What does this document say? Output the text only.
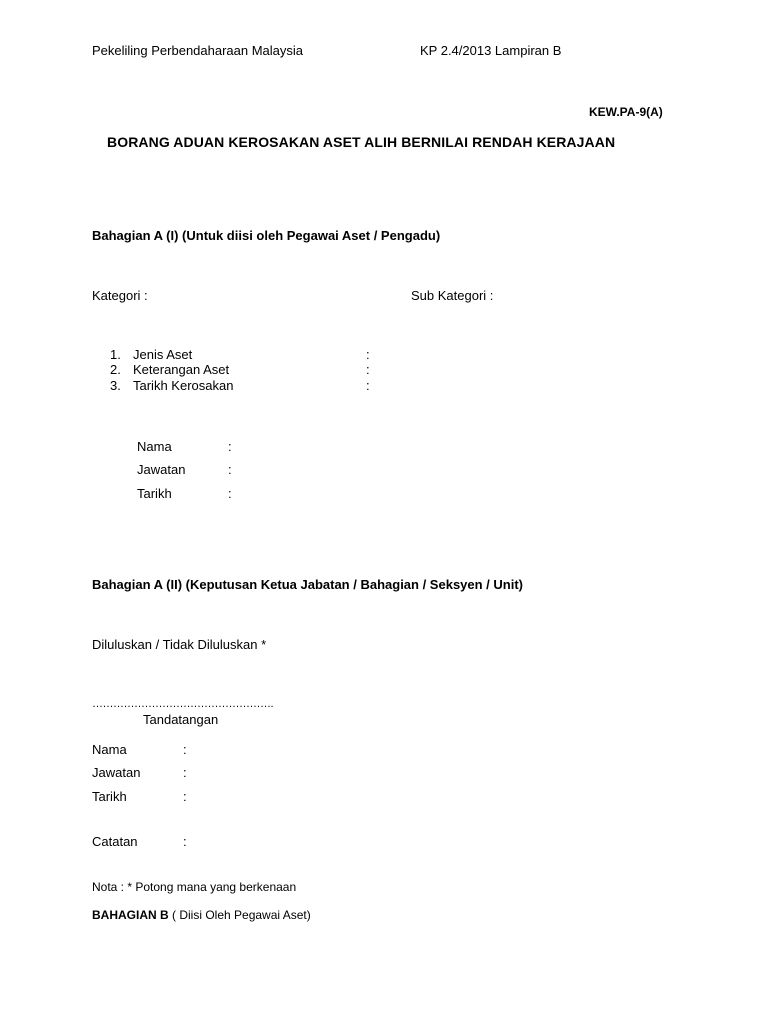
Pekeliling Perbendaharaan Malaysia	KP 2.4/2013 Lampiran B
KEW.PA-9(A)
BORANG ADUAN KEROSAKAN ASET ALIH BERNILAI RENDAH KERAJAAN
Bahagian A (I) (Untuk diisi oleh Pegawai Aset / Pengadu)
Kategori :	Sub Kategori :
1. Jenis Aset	:
2. Keterangan Aset	:
3. Tarikh Kerosakan	:
Nama	:
Jawatan	:
Tarikh	:
Bahagian A (II) (Keputusan Ketua Jabatan / Bahagian / Seksyen / Unit)
Diluluskan / Tidak Diluluskan *
…………………………………………….
Tandatangan
Nama	:
Jawatan	:
Tarikh	:
Catatan	:
Nota : * Potong mana yang berkenaan
BAHAGIAN B ( Diisi Oleh Pegawai Aset)
